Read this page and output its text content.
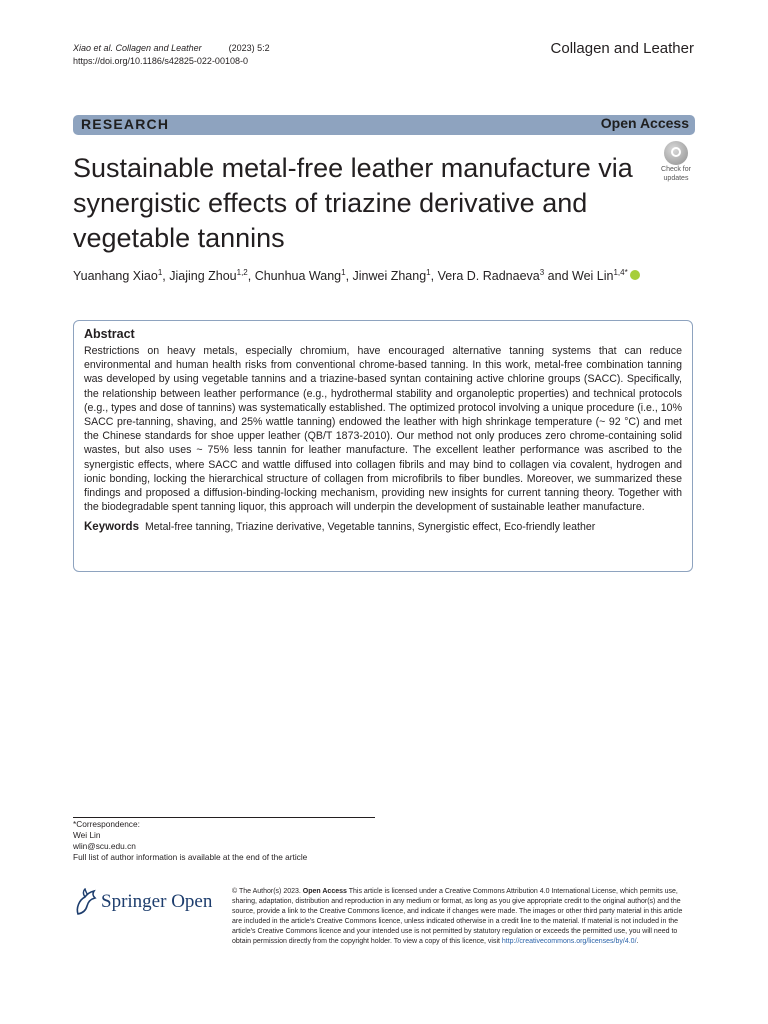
Xiao et al. Collagen and Leather	(2023) 5:2
https://doi.org/10.1186/s42825-022-00108-0
Collagen and Leather
RESEARCH	Open Access
Sustainable metal-free leather manufacture via synergistic effects of triazine derivative and vegetable tannins
Check for
updates
Yuanhang Xiao$^1$, Jiajing Zhou$^{1,2}$, Chunhua Wang$^1$, Jinwei Zhang$^1$, Vera D. Radnaeva$^3$ and Wei Lin$^{1,4*}$

Abstract

Restrictions on heavy metals, especially chromium, have encouraged alternative tanning systems that can reduce environmental and human health risks from conventional chrome-based tanning. In this work, metal-free combination tanning was developed by using vegetable tannins and a triazine-based syntan containing active chlorine groups (SACC). Specifically, the relationship between leather performance (e.g., hydrothermal stability and organoleptic properties) and technical protocols (e.g., types and dose of tannins) was systematically established. The optimized protocol involving a unique procedure (i.e., 10% SACC pre-tanning, shaving, and 25% wattle tanning) endowed the leather with high shrinkage temperature (~ 92 °C) and met the Chinese standards for shoe upper leather (QB/T 1873-2010). Our method not only produces zero chrome-containing solid wastes, but also uses ~ 75% less tannin for leather manufacture. The excellent leather performance was ascribed to the synergistic effects, where SACC and wattle diffused into collagen fibrils and may bind to collagen via covalent, hydrogen and ionic bonding, locking the hierarchical structure of collagen from microfibrils to fiber bundles. Moreover, we summarized these findings and proposed a diffusion-binding-locking mechanism, providing new insights for current tanning theory. Together with the biodegradable spent tanning liquor, this approach will underpin the development of sustainable leather manufacture.

Keywords Metal-free tanning, Triazine derivative, Vegetable tannins, Synergistic effect, Eco-friendly leather
*Correspondence:
Wei Lin
wlin@scu.edu.cn
Full list of author information is available at the end of the article
Springer Open	© The Author(s) 2023. Open Access This article is licensed under a Creative Commons Attribution 4.0 International License, which permits use, sharing, adaptation, distribution and reproduction in any medium or format, as long as you give appropriate credit to the original author(s) and the source, provide a link to the Creative Commons licence, and indicate if changes were made. The images or other third party material in this article are included in the article's Creative Commons licence, unless indicated otherwise in a credit line to the material. If material is not included in the article's Creative Commons licence and your intended use is not permitted by statutory regulation or exceeds the permitted use, you will need to obtain permission directly from the copyright holder. To view a copy of this licence, visit http://creativecommons.org/licenses/by/4.0/.
